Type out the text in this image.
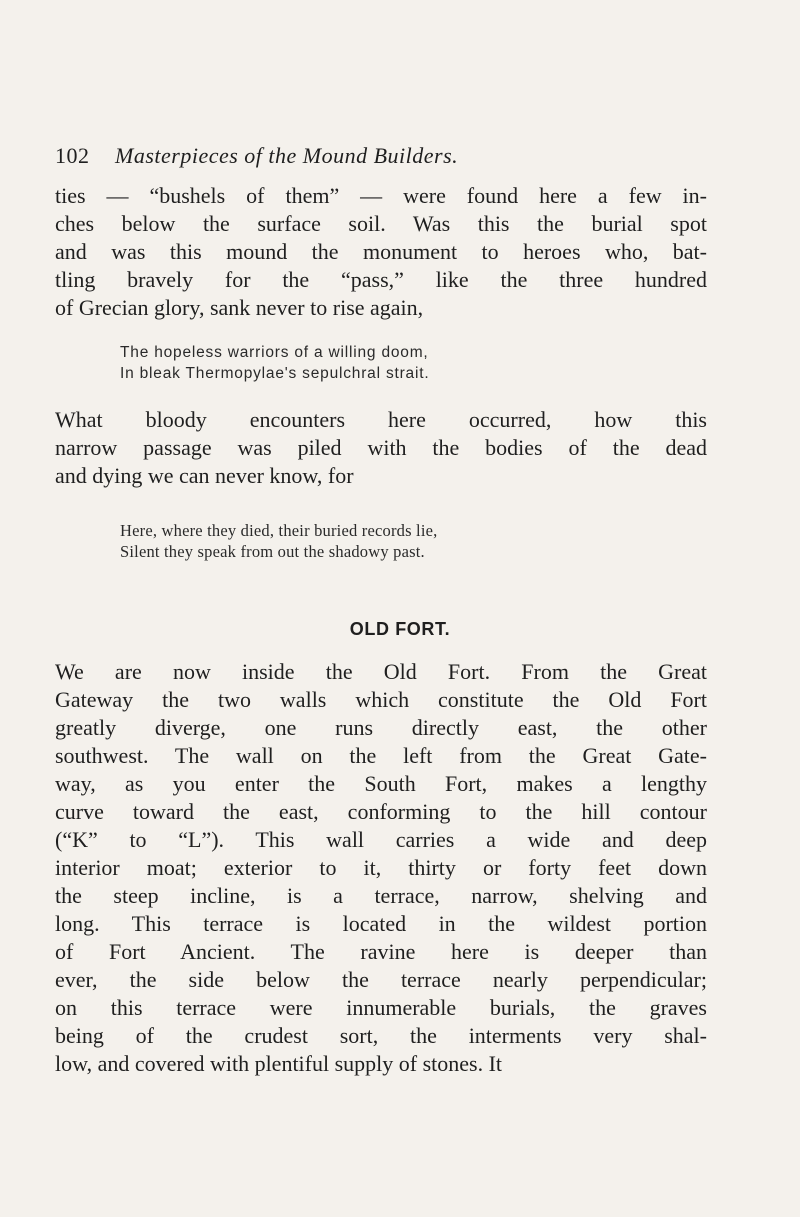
102 Masterpieces of the Mound Builders.
ties — “bushels of them” — were found here a few in-
ches below the surface soil. Was this the burial spot
and was this mound the monument to heroes who, bat-
tling bravely for the “pass,” like the three hundred
of Grecian glory, sank never to rise again,
The hopeless warriors of a willing doom,
In bleak Thermopylae's sepulchral strait.
What bloody encounters here occurred, how this
narrow passage was piled with the bodies of the dead
and dying we can never know, for
Here, where they died, their buried records lie,
Silent they speak from out the shadowy past.
OLD FORT.
We are now inside the Old Fort. From the Great
Gateway the two walls which constitute the Old Fort
greatly diverge, one runs directly east, the other
southwest. The wall on the left from the Great Gate-
way, as you enter the South Fort, makes a lengthy
curve toward the east, conforming to the hill contour
(“K” to “L”). This wall carries a wide and deep
interior moat; exterior to it, thirty or forty feet down
the steep incline, is a terrace, narrow, shelving and
long. This terrace is located in the wildest portion
of Fort Ancient. The ravine here is deeper than
ever, the side below the terrace nearly perpendicular;
on this terrace were innumerable burials, the graves
being of the crudest sort, the interments very shal-
low, and covered with plentiful supply of stones. It
